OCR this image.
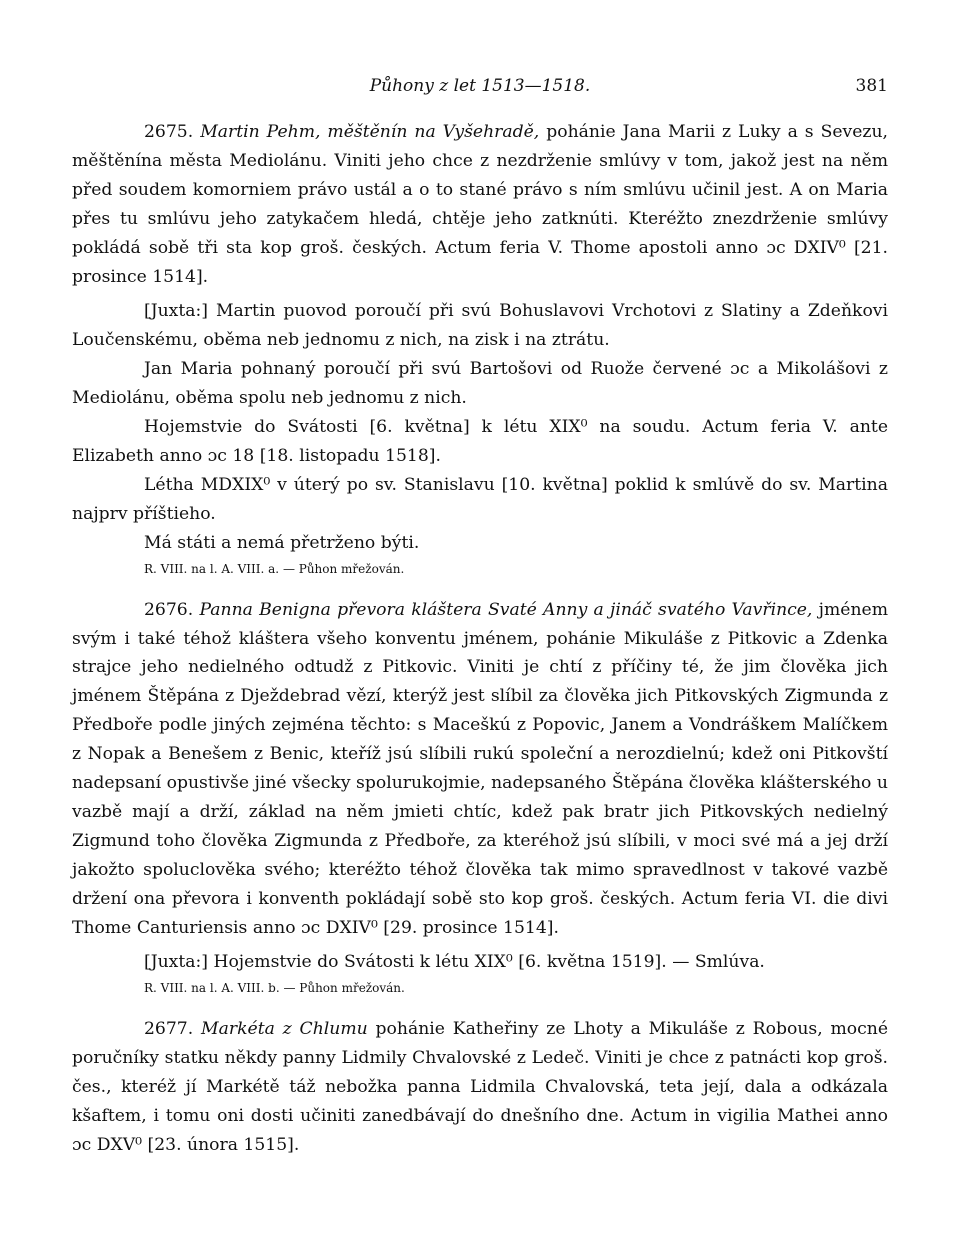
Půhony z let 1513—1518.	381

2675. Martin Pehm, měštěnín na Vyšehradě, pohánie Jana Marii z Luky a s Sevezu, měštěnína města Mediolánu. Viniti jeho chce z nezdrženie smlúvy v tom, jakož jest na něm před soudem komorniem právo ustál a o to stané právo s ním smlúvu učinil jest. A on Maria přes tu smlúvu jeho zatykačem hledá, chtěje jeho zatknúti. Kteréžto znezdrženie smlúvy pokládá sobě tři sta kop groš. českých. Actum feria V. Thome apostoli anno ɔc DXIV⁰ [21. prosince 1514].

[Juxta:] Martin puovod poroučí při svú Bohuslavovi Vrchotovi z Slatiny a Zdeňkovi Loučenskému, oběma neb jednomu z nich, na zisk i na ztrátu.

Jan Maria pohnaný poroučí při svú Bartošovi od Ruože červené ɔc a Mikolášovi z Mediolánu, oběma spolu neb jednomu z nich.

Hojemstvie do Svátosti [6. května] k létu XIX⁰ na soudu. Actum feria V. ante Elizabeth anno ɔc 18 [18. listopadu 1518].

Létha MDXIX⁰ v úterý po sv. Stanislavu [10. května] poklid k smlúvě do sv. Martina najprv příštieho.

Má státi a nemá přetrženo býti.

R. VIII. na l. A. VIII. a. — Půhon mřežován.

2676. Panna Benigna převora kláštera Svaté Anny a jináč svatého Vavřince, jménem svým i také téhož kláštera všeho konventu jménem, pohánie Mikuláše z Pitkovic a Zdenka strajce jeho nedielného odtudž z Pitkovic. Viniti je chtí z příčiny té, že jim člověka jich jménem Štěpána z Dježdebrad vězí, kterýž jest slíbil za člověka jich Pitkovských Zigmunda z Předboře podle jiných zejména těchto: s Maceškú z Popovic, Janem a Vondráškem Malíčkem z Nopak a Benešem z Benic, kteříž jsú slíbili rukú společní a nerozdielnú; kdež oni Pitkovští nadepsaní opustivše jiné všecky spolurukojmie, nadepsaného Štěpána člověka klášterského u vazbě mají a drží, základ na něm jmieti chtíc, kdež pak bratr jich Pitkovských nedielný Zigmund toho člověka Zigmunda z Předboře, za kteréhož jsú slíbili, v moci své má a jej drží jakožto spoluclověka svého; kteréžto téhož člověka tak mimo spravedlnost v takové vazbě držení ona převora i konventh pokládají sobě sto kop groš. českých. Actum feria VI. die divi Thome Canturiensis anno ɔc DXIV⁰ [29. prosince 1514].

[Juxta:] Hojemstvie do Svátosti k létu XIX⁰ [6. května 1519]. — Smlúva.

R. VIII. na l. A. VIII. b. — Půhon mřežován.

2677. Markéta z Chlumu pohánie Katheřiny ze Lhoty a Mikuláše z Robous, mocné poručníky statku někdy panny Lidmily Chvalovské z Ledeč. Viniti je chce z patnácti kop groš. čes., kteréž jí Markétě táž nebožka panna Lidmila Chvalovská, teta její, dala a odkázala kšaftem, i tomu oni dosti učiniti zanedbávají do dnešního dne. Actum in vigilia Mathei anno ɔc DXV⁰ [23. února 1515].
